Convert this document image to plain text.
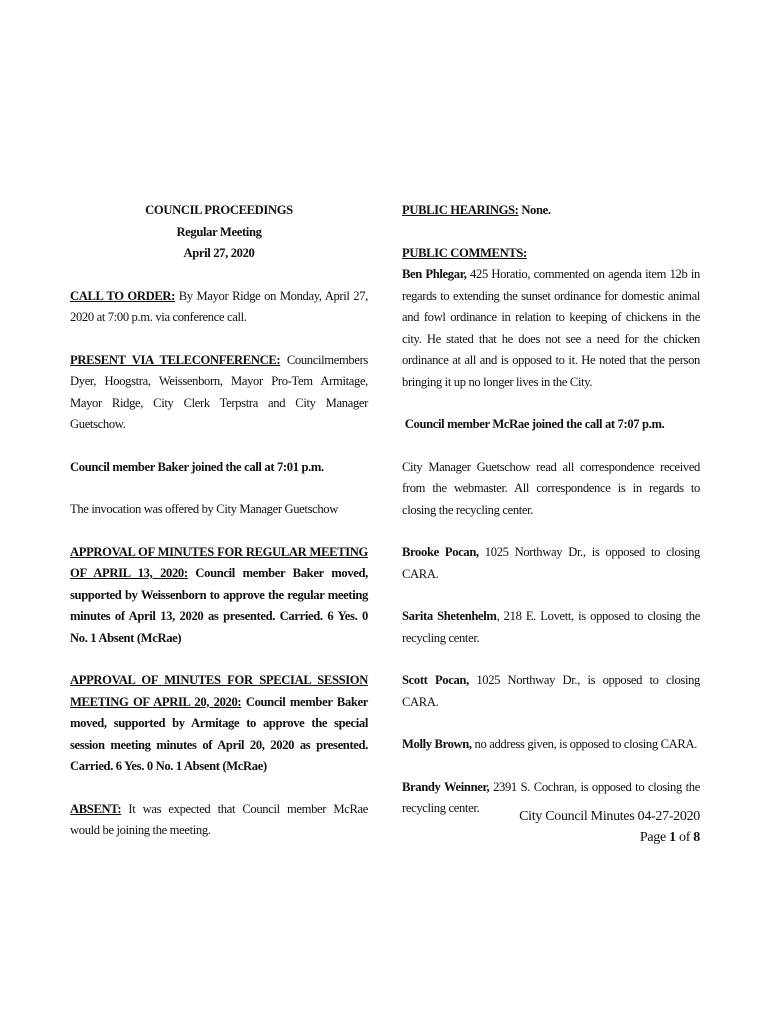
COUNCIL PROCEEDINGS
Regular Meeting
April 27, 2020

CALL TO ORDER: By Mayor Ridge on Monday, April 27, 2020 at 7:00 p.m. via conference call.

PRESENT VIA TELECONFERENCE: Councilmembers Dyer, Hoogstra, Weissenborn, Mayor Pro-Tem Armitage, Mayor Ridge, City Clerk Terpstra and City Manager Guetschow.

Council member Baker joined the call at 7:01 p.m.

The invocation was offered by City Manager Guetschow

APPROVAL OF MINUTES FOR REGULAR MEETING OF APRIL 13, 2020: Council member Baker moved, supported by Weissenborn to approve the regular meeting minutes of April 13, 2020 as presented. Carried. 6 Yes. 0 No. 1 Absent (McRae)

APPROVAL OF MINUTES FOR SPECIAL SESSION MEETING OF APRIL 20, 2020: Council member Baker moved, supported by Armitage to approve the special session meeting minutes of April 20, 2020 as presented. Carried. 6 Yes. 0 No. 1 Absent (McRae)

ABSENT: It was expected that Council member McRae would be joining the meeting.

PUBLIC HEARINGS: None.

PUBLIC COMMENTS:

Ben Phlegar, 425 Horatio, commented on agenda item 12b in regards to extending the sunset ordinance for domestic animal and fowl ordinance in relation to keeping of chickens in the city. He stated that he does not see a need for the chicken ordinance at all and is opposed to it. He noted that the person bringing it up no longer lives in the City.

Council member McRae joined the call at 7:07 p.m.

City Manager Guetschow read all correspondence received from the webmaster. All correspondence is in regards to closing the recycling center.

Brooke Pocan, 1025 Northway Dr., is opposed to closing CARA.

Sarita Shetenhelm, 218 E. Lovett, is opposed to closing the recycling center.

Scott Pocan, 1025 Northway Dr., is opposed to closing CARA.

Molly Brown, no address given, is opposed to closing CARA.

Brandy Weinner, 2391 S. Cochran, is opposed to closing the recycling center.

City Council Minutes 04-27-2020
Page 1 of 8
